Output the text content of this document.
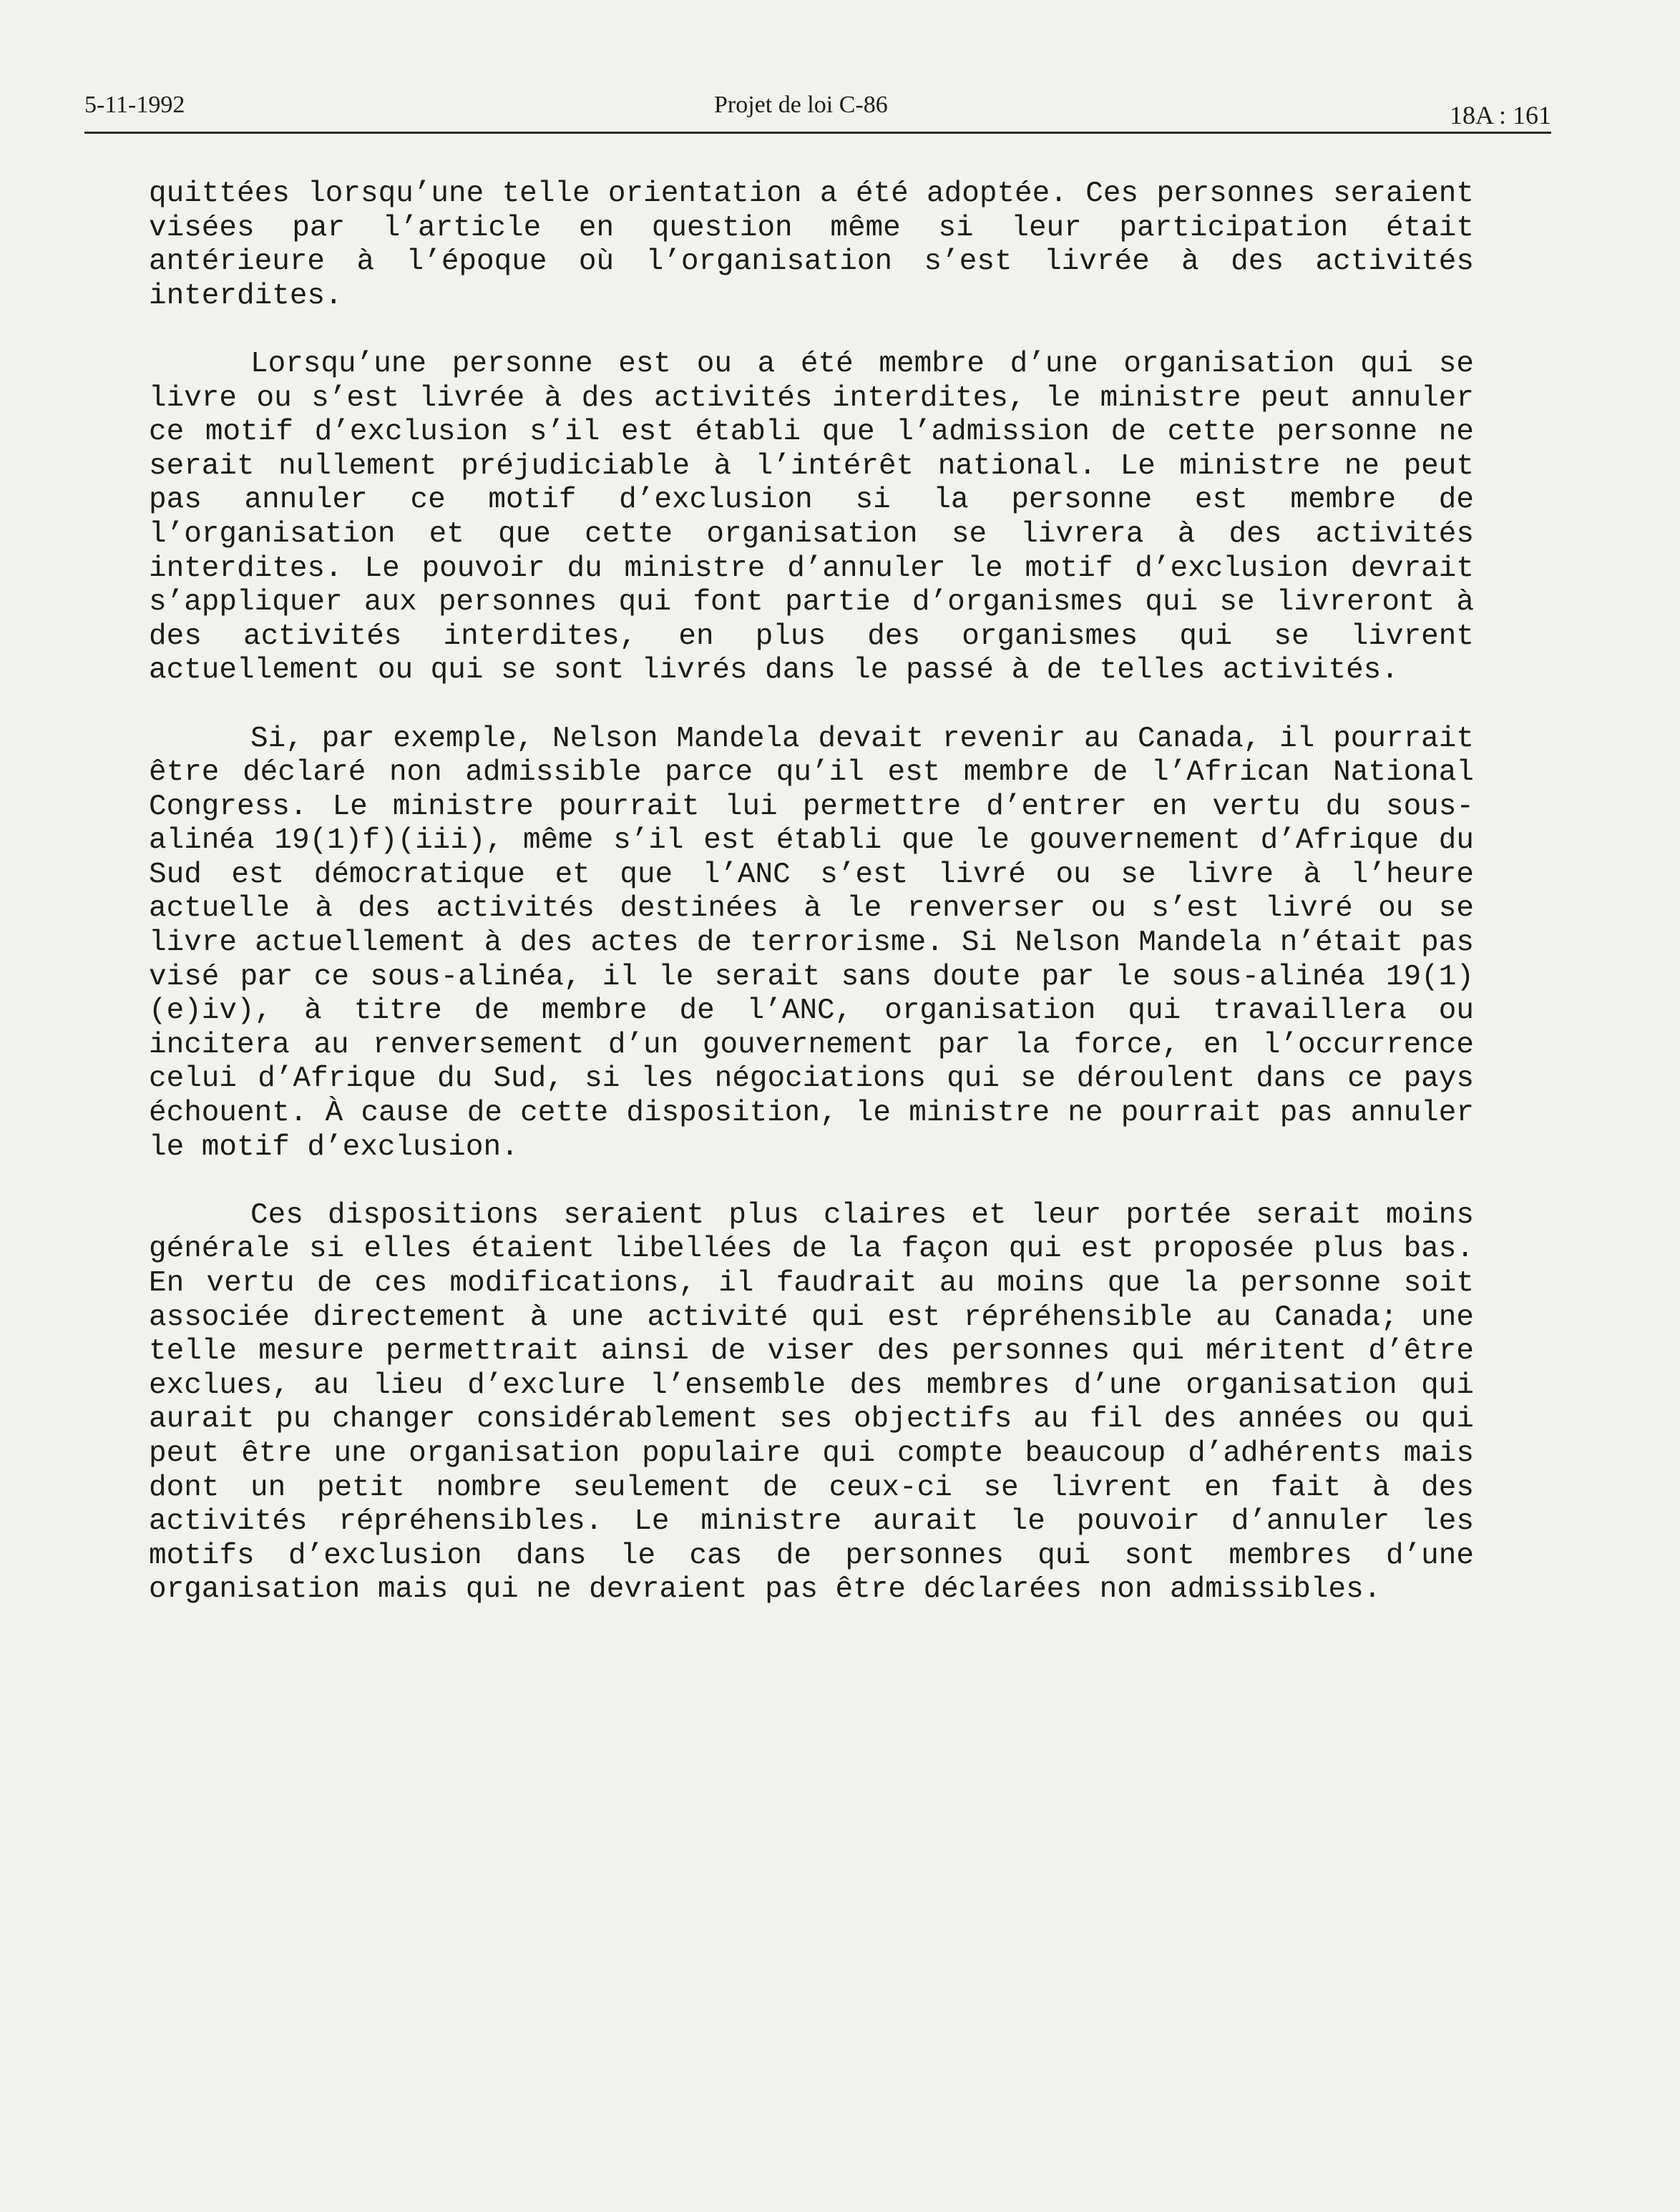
5-11-1992	Projet de loi C-86	18A : 161

quittées lorsqu’une telle orientation a été adoptée. Ces personnes seraient visées par l’article en question même si leur participation était antérieure à l’époque où l’organisation s’est livrée à des activités interdites.

Lorsqu’une personne est ou a été membre d’une organisation qui se livre ou s’est livrée à des activités interdites, le ministre peut annuler ce motif d’exclusion s’il est établi que l’admission de cette personne ne serait nullement préjudiciable à l’intérêt national. Le ministre ne peut pas annuler ce motif d’exclusion si la personne est membre de l’organisation et que cette organisation se livrera à des activités interdites. Le pouvoir du ministre d’annuler le motif d’exclusion devrait s’appliquer aux personnes qui font partie d’organismes qui se livreront à des activités interdites, en plus des organismes qui se livrent actuellement ou qui se sont livrés dans le passé à de telles activités.

Si, par exemple, Nelson Mandela devait revenir au Canada, il pourrait être déclaré non admissible parce qu’il est membre de l’African National Congress. Le ministre pourrait lui permettre d’entrer en vertu du sous-alinéa 19(1)f)(iii), même s’il est établi que le gouvernement d’Afrique du Sud est démocratique et que l’ANC s’est livré ou se livre à l’heure actuelle à des activités destinées à le renverser ou s’est livré ou se livre actuellement à des actes de terrorisme. Si Nelson Mandela n’était pas visé par ce sous-alinéa, il le serait sans doute par le sous-alinéa 19(1)(e)iv), à titre de membre de l’ANC, organisation qui travaillera ou incitera au renversement d’un gouvernement par la force, en l’occurrence celui d’Afrique du Sud, si les négociations qui se déroulent dans ce pays échouent. À cause de cette disposition, le ministre ne pourrait pas annuler le motif d’exclusion.

Ces dispositions seraient plus claires et leur portée serait moins générale si elles étaient libellées de la façon qui est proposée plus bas. En vertu de ces modifications, il faudrait au moins que la personne soit associée directement à une activité qui est répréhensible au Canada; une telle mesure permettrait ainsi de viser des personnes qui méritent d’être exclues, au lieu d’exclure l’ensemble des membres d’une organisation qui aurait pu changer considérablement ses objectifs au fil des années ou qui peut être une organisation populaire qui compte beaucoup d’adhérents mais dont un petit nombre seulement de ceux-ci se livrent en fait à des activités répréhensibles. Le ministre aurait le pouvoir d’annuler les motifs d’exclusion dans le cas de personnes qui sont membres d’une organisation mais qui ne devraient pas être déclarées non admissibles.
